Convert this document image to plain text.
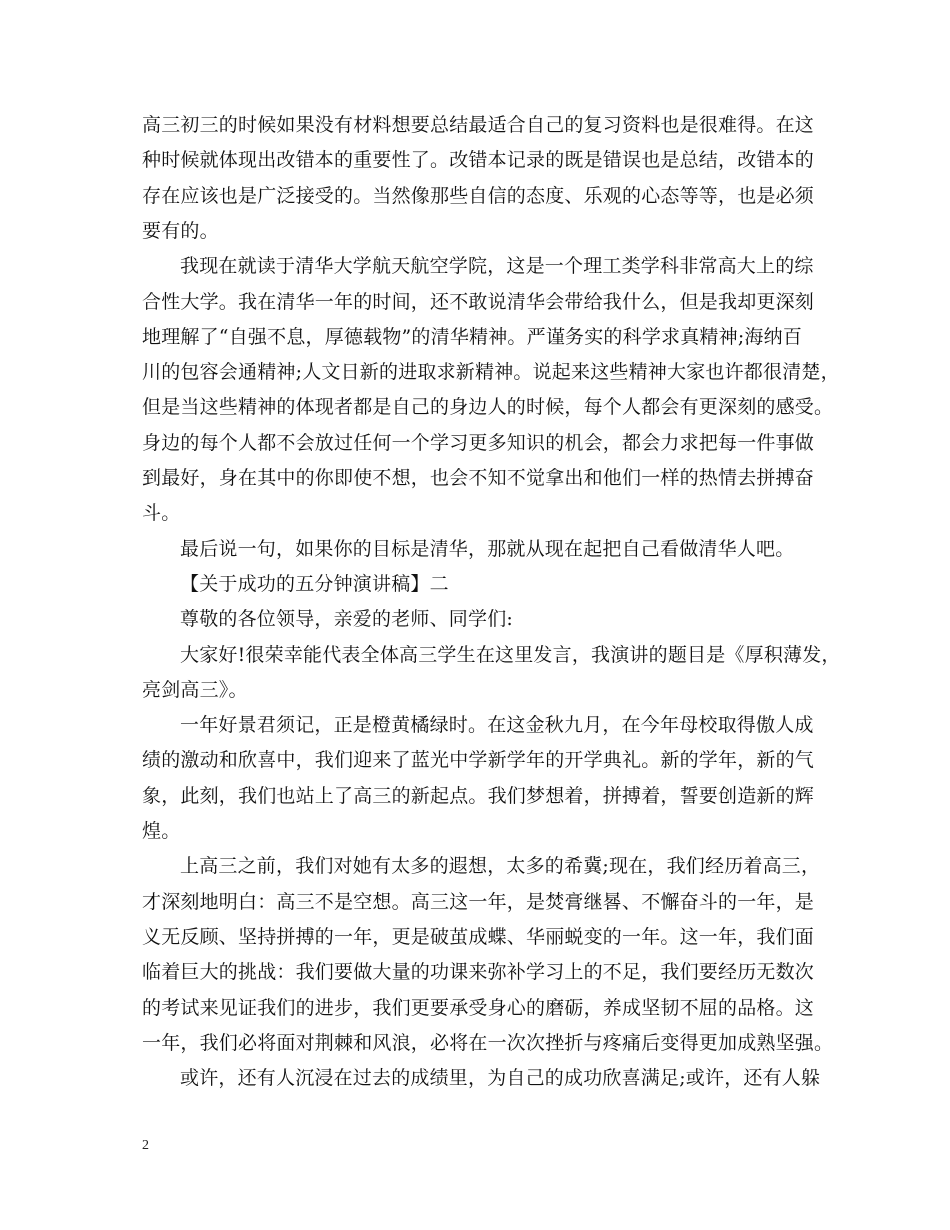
高三初三的时候如果没有材料想要总结最适合自己的复习资料也是很难得。在这
种时候就体现出改错本的重要性了。改错本记录的既是错误也是总结，改错本的
存在应该也是广泛接受的。当然像那些自信的态度、乐观的心态等等，也是必须
要有的。
我现在就读于清华大学航天航空学院，这是一个理工类学科非常高大上的综
合性大学。我在清华一年的时间，还不敢说清华会带给我什么，但是我却更深刻
地理解了“自强不息，厚德载物”的清华精神。严谨务实的科学求真精神;海纳百
川的包容会通精神;人文日新的进取求新精神。说起来这些精神大家也许都很清楚，
但是当这些精神的体现者都是自己的身边人的时候，每个人都会有更深刻的感受。
身边的每个人都不会放过任何一个学习更多知识的机会，都会力求把每一件事做
到最好，身在其中的你即使不想，也会不知不觉拿出和他们一样的热情去拼搏奋
斗。
最后说一句，如果你的目标是清华，那就从现在起把自己看做清华人吧。
【关于成功的五分钟演讲稿】二
尊敬的各位领导，亲爱的老师、同学们:
大家好!很荣幸能代表全体高三学生在这里发言，我演讲的题目是《厚积薄发，
亮剑高三》。
一年好景君须记，正是橙黄橘绿时。在这金秋九月，在今年母校取得傲人成
绩的激动和欣喜中，我们迎来了蓝光中学新学年的开学典礼。新的学年，新的气
象，此刻，我们也站上了高三的新起点。我们梦想着，拼搏着，誓要创造新的辉
煌。
上高三之前，我们对她有太多的遐想，太多的希冀;现在，我们经历着高三，
才深刻地明白：高三不是空想。高三这一年，是焚膏继晷、不懈奋斗的一年，是
义无反顾、坚持拼搏的一年，更是破茧成蝶、华丽蜕变的一年。这一年，我们面
临着巨大的挑战：我们要做大量的功课来弥补学习上的不足，我们要经历无数次
的考试来见证我们的进步，我们更要承受身心的磨砺，养成坚韧不屈的品格。这
一年，我们必将面对荆棘和风浪，必将在一次次挫折与疼痛后变得更加成熟坚强。
或许，还有人沉浸在过去的成绩里，为自己的成功欣喜满足;或许，还有人躲
2
